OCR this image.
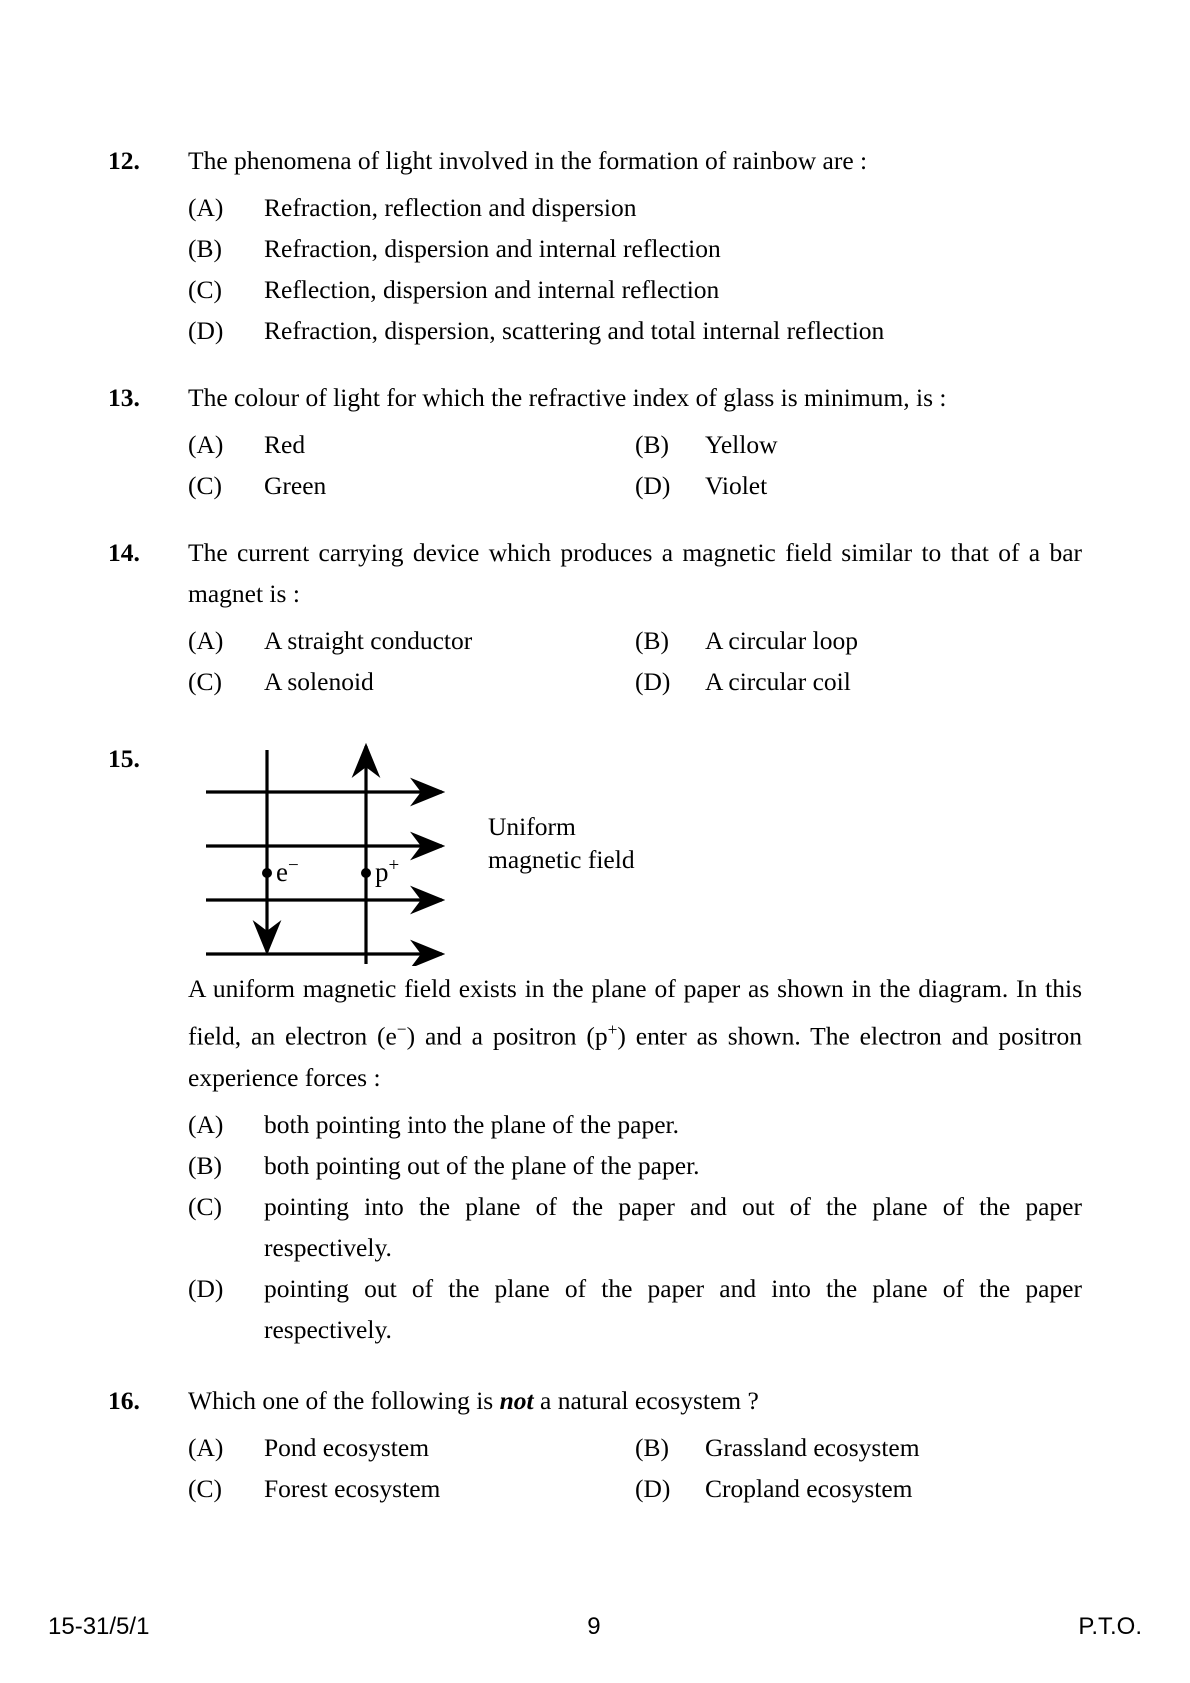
12.	The phenomena of light involved in the formation of rainbow are :
(A)	Refraction, reflection and dispersion
(B)	Refraction, dispersion and internal reflection
(C)	Reflection, dispersion and internal reflection
(D)	Refraction, dispersion, scattering and total internal reflection
13.	The colour of light for which the refractive index of glass is minimum, is :
(A)	Red	(B)	Yellow
(C)	Green	(D)	Violet
14.	The current carrying device which produces a magnetic field similar to that of a bar magnet is :
(A)	A straight conductor	(B)	A circular loop
(C)	A solenoid	(D)	A circular coil
15.
e−	p+
Uniform
magnetic field
A uniform magnetic field exists in the plane of paper as shown in the diagram. In this field, an electron (e−) and a positron (p+) enter as shown. The electron and positron experience forces :
(A)	both pointing into the plane of the paper.
(B)	both pointing out of the plane of the paper.
(C)	pointing into the plane of the paper and out of the plane of the paper respectively.
(D)	pointing out of the plane of the paper and into the plane of the paper respectively.
16.	Which one of the following is not a natural ecosystem ?
(A)	Pond ecosystem	(B)	Grassland ecosystem
(C)	Forest ecosystem	(D)	Cropland ecosystem
15-31/5/1	9	P.T.O.
